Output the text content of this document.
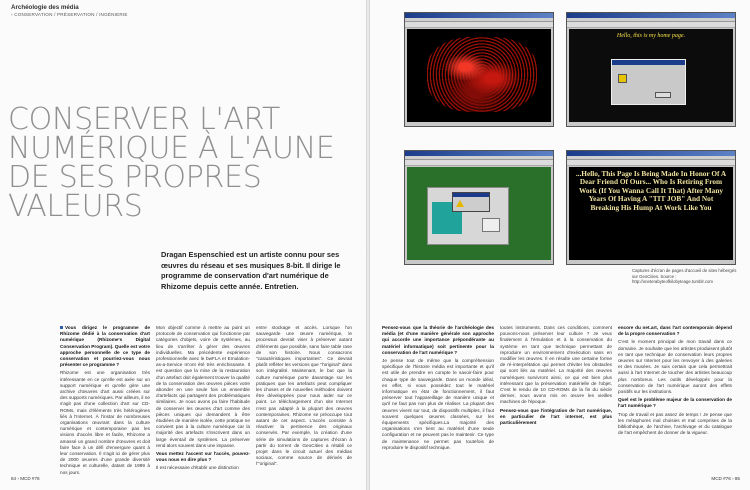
Archéologie des média
› CONSERVATION / PRÉSERVATION / INGÉNIERIE
CONSERVER L'ART
NUMÉRIQUE À L'AUNE
DE SES PROPRES
VALEURS
Dragan Espenschied est un artiste connu pour ses œuvres du réseau et ses musiques 8-bit. Il dirige le programme de conservation d'art numérique de Rhizome depuis cette année. Entretien.

Vous dirigez le programme de Rhizome dédié à la conservation d'art numérique (Rhizome's Digital Conservation Program). Quelle est votre approche personnelle de ce type de conservation et pourriez-vous nous présenter ce programme ?

Rhizome est une organisation très intéressante en ce qu'elle est axée sur un support numérique et qu'elle gère une archive d'œuvres d'art aussi créées sur des supports numériques. Par ailleurs, il ne s'agit pas d'une collection d'art sur CD-ROMs, mais d'éléments très hétérogènes liés à l'Internet. À l'instar de nombreuses organisations œuvrant dans la culture numérique et contemporaine pas les visions d'accès libre et facile, Rhizome a amassé un grand nombre d'œuvres et doit faire face à un défi d'envergure quant à leur conservation. Il s'agit ici de gérer plus de 2000 œuvres d'une grande diversité technique et culturelle, datant de 1999 à nos jours.

Mon objectif comme à mettre au point un protocole de conservation qui fonctionne par catégories d'objets, voire de systèmes, au lieu de s'arrêter à gérer des œuvres individuelles. Ma précédente expérience professionnelle avec le bwFLA et Emulation-as-a-Service m'ont été très enrichissante. Il est question que la mise de la restauration d'un artefact doit également trouver la qualité de la conservation des œuvres pièces votre abonder en une seule fois un ensemble d'artefacts qui partagent des problématiques similaires. Je nous avons pu faire l'habitude de conserver les œuvres d'art comme des pièces uniques qui demandent à être étudiées de manière isolée, cette pratique ne convient pas à la culture numérique car la majorité des artefacts s'inscrivent dans un large éventail de systèmes. La préserver rend alors souvent dans une impasse.

Vous mettez l'accent sur l'accès, pouvez-vous nous en dire plus ?

Il est nécessaire d'établir une distinction

entre stockage et accès. Lorsque l'on sauvegarde une œuvre numérique, le processus devrait viser à préserver autant d'éléments que possible, sans faire table rase de son histoire. Nous consacrons "caractéristiques importantes". Ce devrait plutôt refléter les versions que "l'original" dans son intégralité. Maintenant, le but que la culture numérique porte davantage sur les pratiques que les artefacts peut compliquer les choses et de nouvelles méthodes doivent être développées pour nous aider sur ce point. Le téléchargement d'un site Internet n'est pas adapté à la plupart des œuvres contemporaines. Rhizome se préoccupe tout autant de cet aspect. L'accès consiste à réactiver la pertinence des originaux conservés. Par exemple, la création d'une série de simulations de captures d'écran à partir du torrent de GeoCities a rétabli ce projet dans le circuit actuel des médias sociaux, comme source de dérivés de l'"original".

84 › MCD #76
Hello, this is my home page.
...Hello, This Page Is Being Made In Honor Of A Dear Friend Of Ours... Who Is Retiring From Work (If You Wanna Call It That) After Many Years Of Having A "TIT JOB" And Not Breaking His Hump At Work Like You
Captures d'écran de pages d'accueil de sites hébergés sur GeoCities. Source : http://oneterabyteofkilobyteage.tumblr.com

Pensez-vous que la théorie de l'archéologie des média (et d'une manière générale son approche qui accorde une importance prépondérante au matériel informatique) soit pertinente pour la conservation de l'art numérique ?

Je pense tout de même que la compréhension spécifique de l'histoire média est importante et qu'il est utile de prendre en compte le savoir-faire pour chaque type de sauvegarde. Dans un monde idéal, en effet, si vous possédez tout le matériel informatique en état de fonctionnement, il faut préserver tout l'appareillage de manière unique et qu'il ne faut pas non plus de réaliser. La plupart des œuvres vivent sur tout, de dispositifs multiples, il faut souvent quelques œuvres classées, sur les équipements spécifiques.La majorité des organisations s'en tient au matériel d'une seule configuration et ne peuvent pas le maintenir. Ce type de maintenance ne permet pas toutefois de reproduire le dispositif technique.

toutes instruments. Dans ces conditions, comment pouvons-nous préserver leur culture ? Je veux finalement à l'émulation et à la conservation du système en tant que technique permettant de reproduire un environnement d'exécution sans en modifier les œuvres. Il en résulte une certaine forme de ré-interprétation qui permet d'éviter les obstacles qui sont liés au matériel. La majorité des œuvres numériques survivront ainsi, ce qui est bien plus intéressant que la préservation matérielle de l'objet. C'est le rendu de 10 CD-ROMs de la fin du siècle dernier, nous avons mis en œuvre les vieilles machines de l'époque.

Pensez-vous que l'intégration de l'art numérique, en particulier de l'art internet, est plus particulièrement

encore du net.art, dans l'art contemporain dépend de la propre conservation ?

C'est le moment principal de mon travail dans ce domaine. Je souhaite que les artistes produisent plutôt en tant que technique de conservation leurs propres œuvres sur Internet pour les renvoyer à des galeries et des musées. Je suis certain que cela permettrait aussi à l'art Internet de toucher des artistes beaucoup plus nombreux. Les outils développés pour la conservation de l'art numérique auront des effets positifs sur les institutions.

Quel est le problème majeur de la conservation de l'art numérique ?

Trop de travail et pas assez de temps ! Je pense que les métaphores mal choisies et mal comprises de la bibliothèque, de l'archive, l'archivage et du catalogue de l'art empêchent de donner de la vigueur.

MCD #76 › 85
